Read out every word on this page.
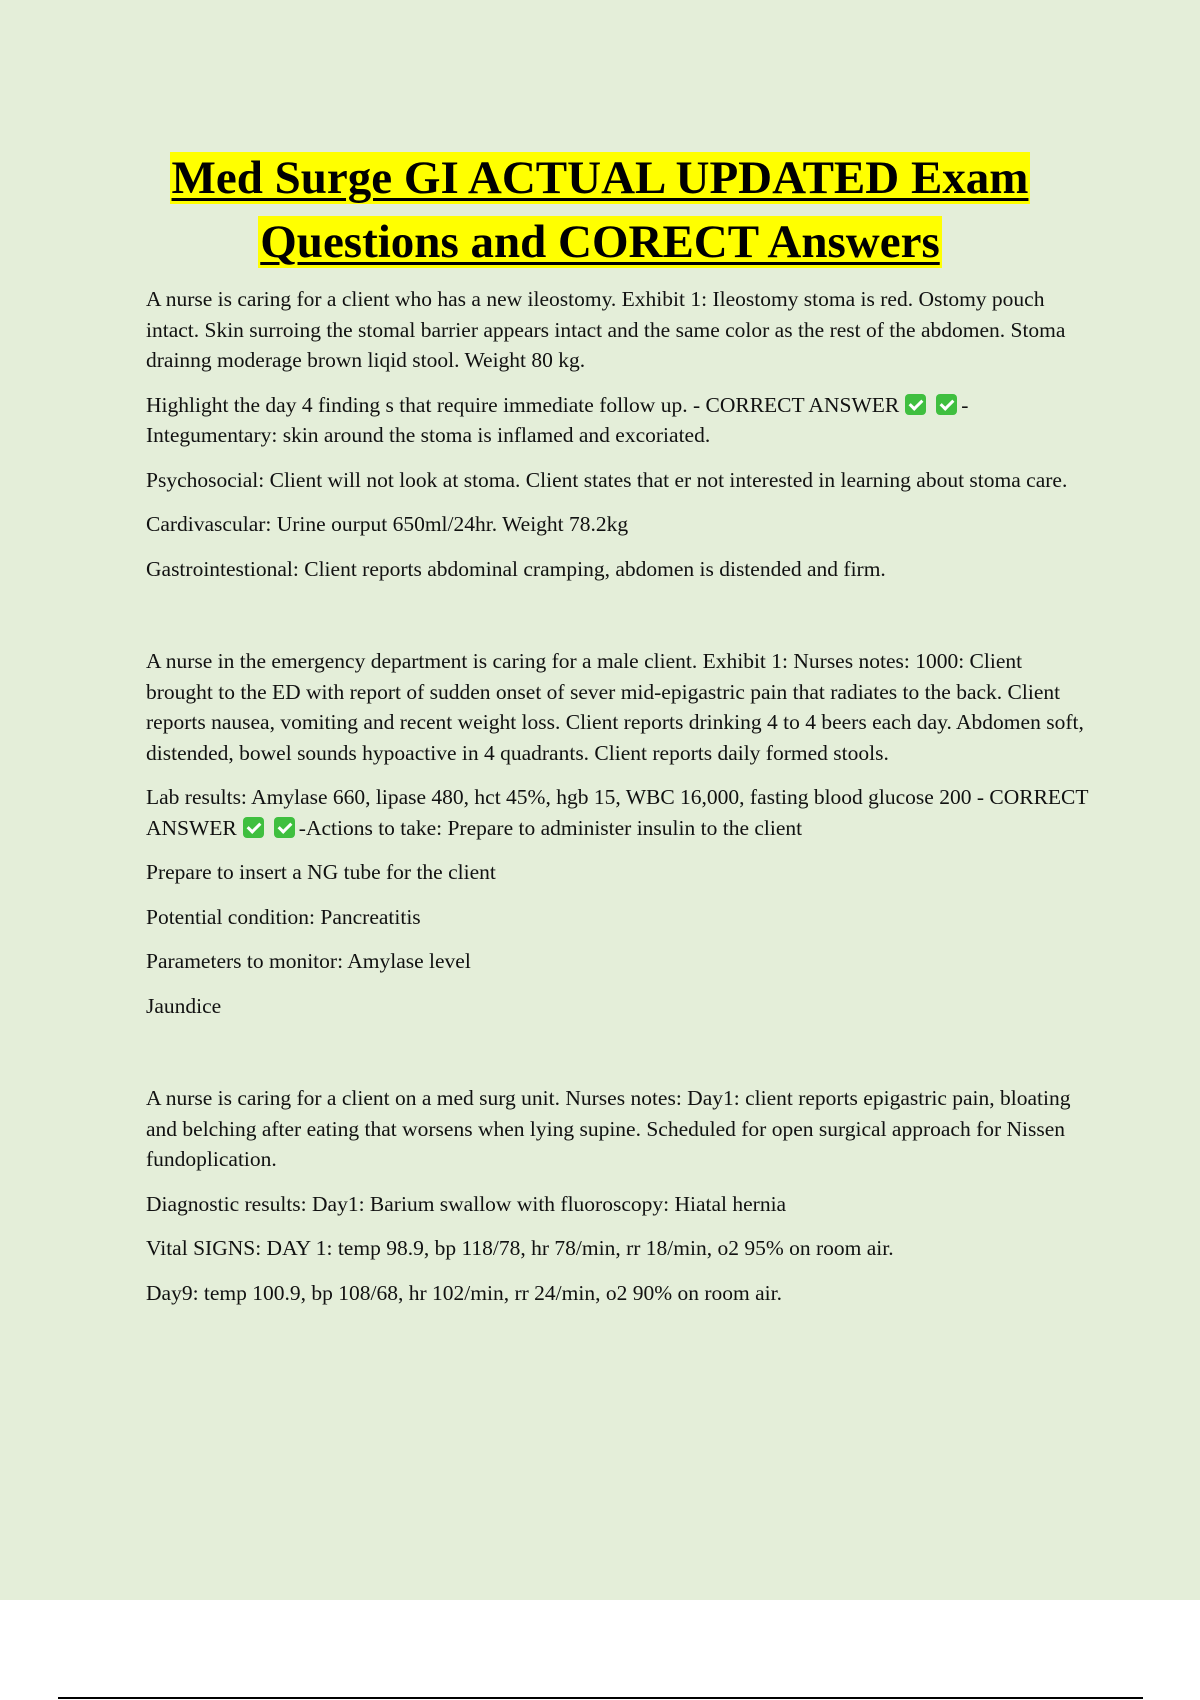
Med Surge GI ACTUAL UPDATED Exam
Questions and CORECT Answers

A nurse is caring for a client who has a new ileostomy. Exhibit 1: Ileostomy stoma is red. Ostomy pouch intact. Skin surroing the stomal barrier appears intact and the same color as the rest of the abdomen. Stoma drainng moderage brown liqid stool. Weight 80 kg.

Highlight the day 4 finding s that require immediate follow up. - CORRECT ANSWER	- Integumentary: skin around the stoma is inflamed and excoriated.

Psychosocial: Client will not look at stoma. Client states that er not interested in learning about stoma care.

Cardivascular: Urine ourput 650ml/24hr. Weight 78.2kg

Gastrointestional: Client reports abdominal cramping, abdomen is distended and firm.

A nurse in the emergency department is caring for a male client. Exhibit 1: Nurses notes: 1000: Client brought to the ED with report of sudden onset of sever mid-epigastric pain that radiates to the back. Client reports nausea, vomiting and recent weight loss. Client reports drinking 4 to 4 beers each day. Abdomen soft, distended, bowel sounds hypoactive in 4 quadrants. Client reports daily formed stools.

Lab results: Amylase 660, lipase 480, hct 45%, hgb 15, WBC 16,000, fasting blood glucose 200 - CORRECT ANSWER	-Actions to take: Prepare to administer insulin to the client

Prepare to insert a NG tube for the client

Potential condition: Pancreatitis

Parameters to monitor: Amylase level

Jaundice

A nurse is caring for a client on a med surg unit. Nurses notes: Day1: client reports epigastric pain, bloating and belching after eating that worsens when lying supine. Scheduled for open surgical approach for Nissen fundoplication.

Diagnostic results: Day1: Barium swallow with fluoroscopy: Hiatal hernia

Vital SIGNS: DAY 1: temp 98.9, bp 118/78, hr 78/min, rr 18/min, o2 95% on room air.

Day9: temp 100.9, bp 108/68, hr 102/min, rr 24/min, o2 90% on room air.
